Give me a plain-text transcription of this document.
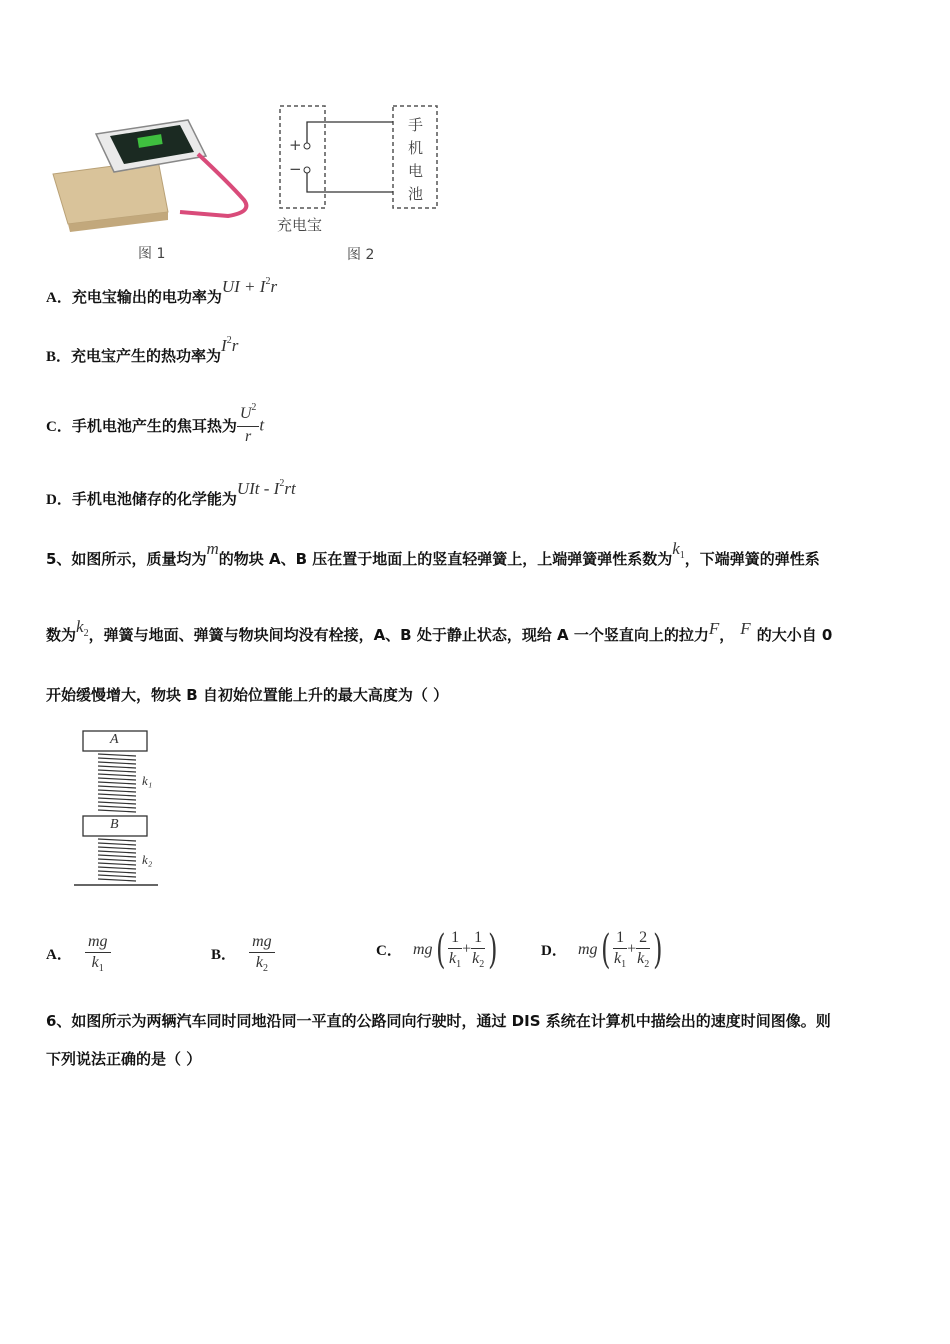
图 1
+
−
手
机
电
池
充电宝
图 2
A．充电宝输出的电功率为UI + $I^2r$
B．充电宝产生的热功率为$I^2r$
C．手机电池产生的焦耳热为 $\frac{U^2}{r}$ t
D．手机电池储存的化学能为UIt - $I^2rt$
5、如图所示，质量均为m的物块 A、B 压在置于地面上的竖直轻弹簧上，上端弹簧弹性系数为$k_1$，下端弹簧的弹性系
数为$k_2$，弹簧与地面、弹簧与物块间均没有栓接，A、B 处于静止状态，现给 A 一个竖直向上的拉力F， F 的大小自 0
开始缓慢增大，物块 B 自初始位置能上升的最大高度为（ ）
A
B
k₁
k₂
A． $\frac{mg}{k_1}$	B． $\frac{mg}{k_2}$	C． $mg( \frac{1}{k_1} + \frac{1}{k_2}$ )	D． $mg( \frac{1}{k_1} + \frac{2}{k_2}$ )
6、如图所示为两辆汽车同时同地沿同一平直的公路同向行驶时，通过 DIS 系统在计算机中描绘出的速度时间图像。则
下列说法正确的是（ ）
